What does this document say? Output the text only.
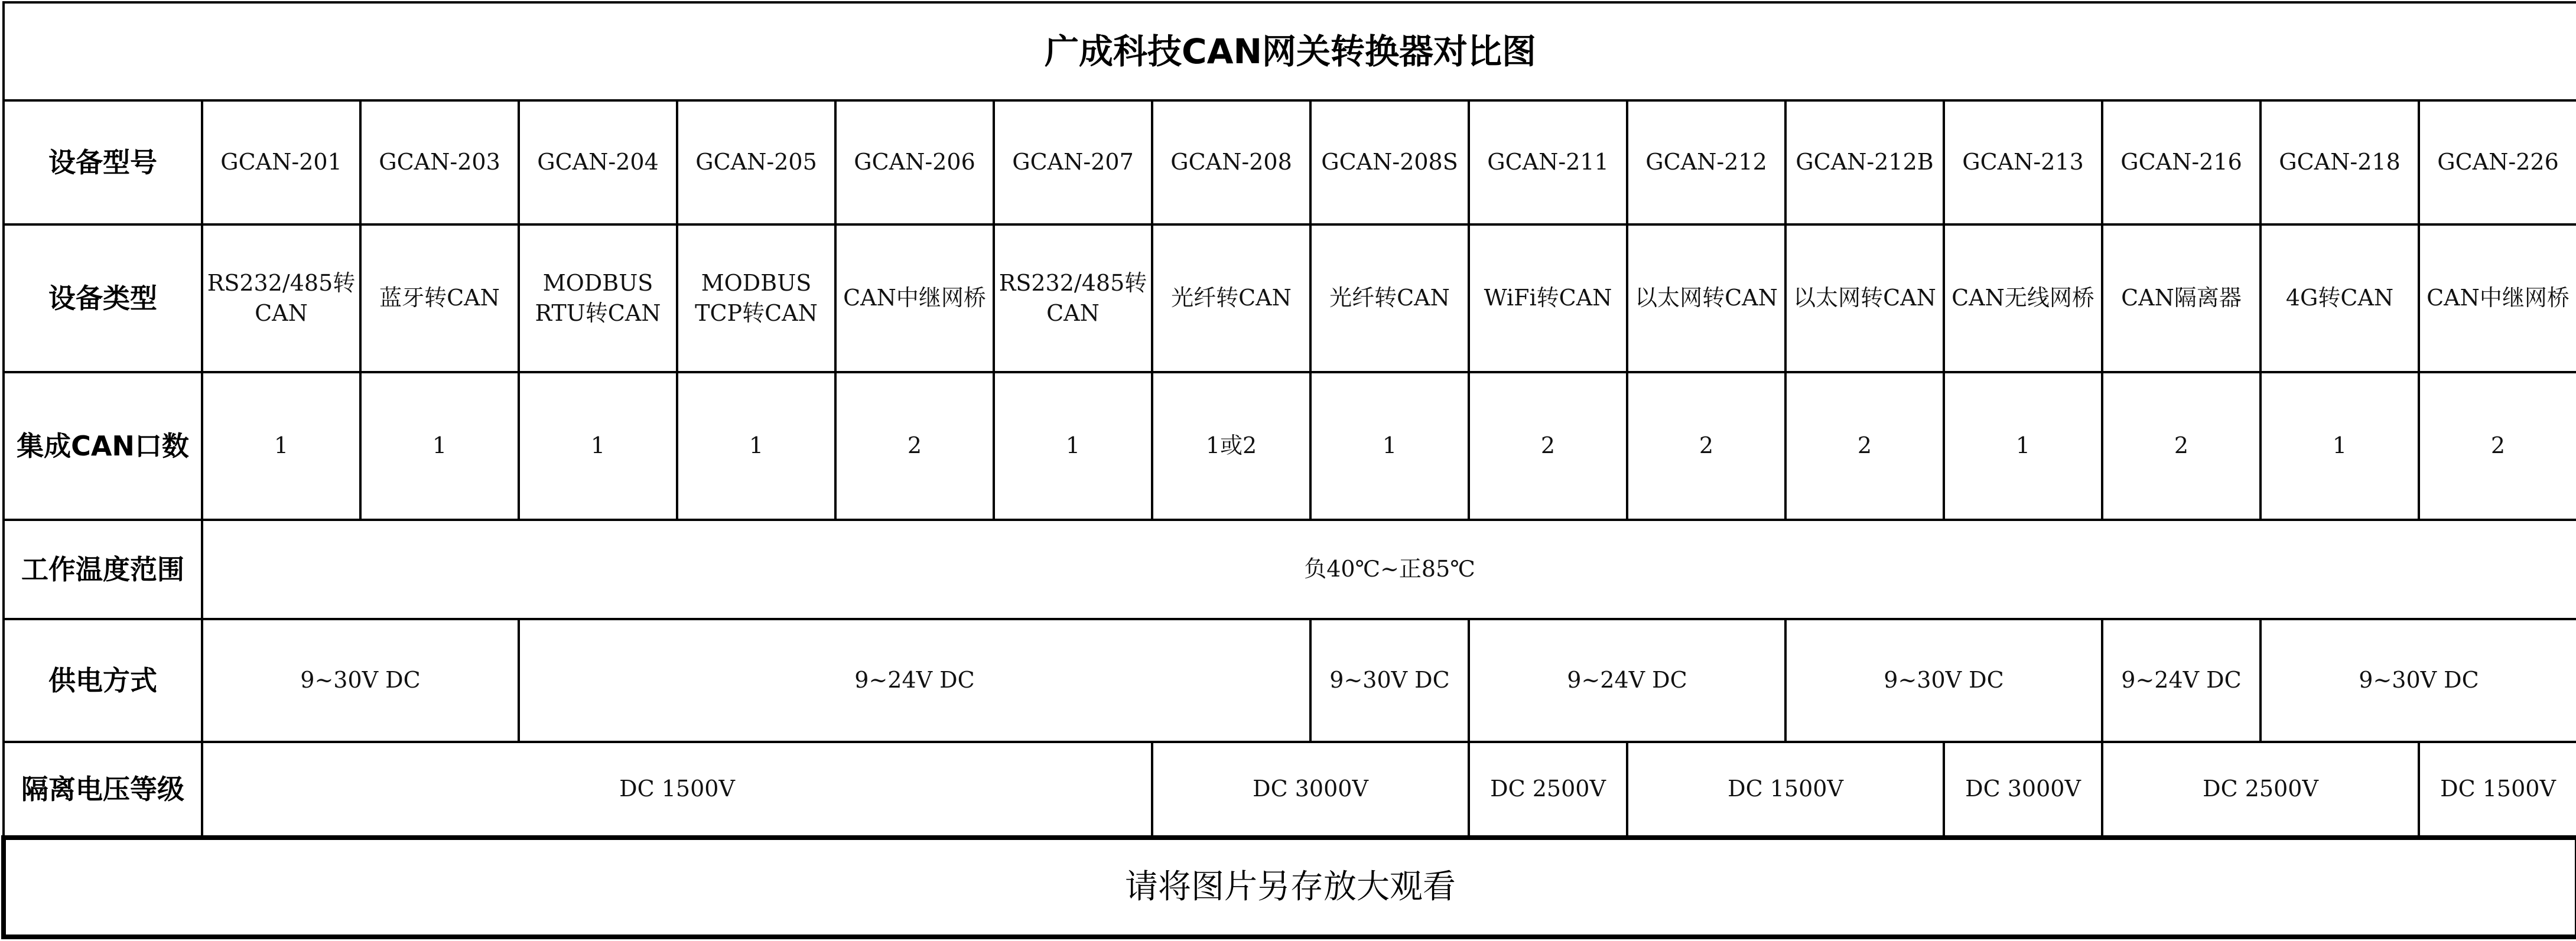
广成科技CAN网关转换器对比图															
设备型号	GCAN-201	GCAN-203	GCAN-204	GCAN-205	GCAN-206	GCAN-207	GCAN-208	GCAN-208S	GCAN-211	GCAN-212	GCAN-212B	GCAN-213	GCAN-216	GCAN-218	GCAN-226
设备类型	RS232/485转CAN	蓝牙转CAN	MODBUS RTU转CAN	MODBUS TCP转CAN	CAN中继网桥	RS232/485转CAN	光纤转CAN	光纤转CAN	WiFi转CAN	以太网转CAN	以太网转CAN	CAN无线网桥	CAN隔离器	4G转CAN	CAN中继网桥
集成CAN口数	1	1	1	1	2	1	1或2	1	2	2	2	1	2	1	2
工作温度范围	负40℃~正85℃														
供电方式	9~30V DC		9~24V DC					9~30V DC	9~24V DC		9~30V DC		9~24V DC	9~30V DC	
隔离电压等级	DC 1500V						DC 3000V		DC 2500V	DC 1500V		DC 3000V	DC 2500V		DC 1500V
请将图片另存放大观看															
